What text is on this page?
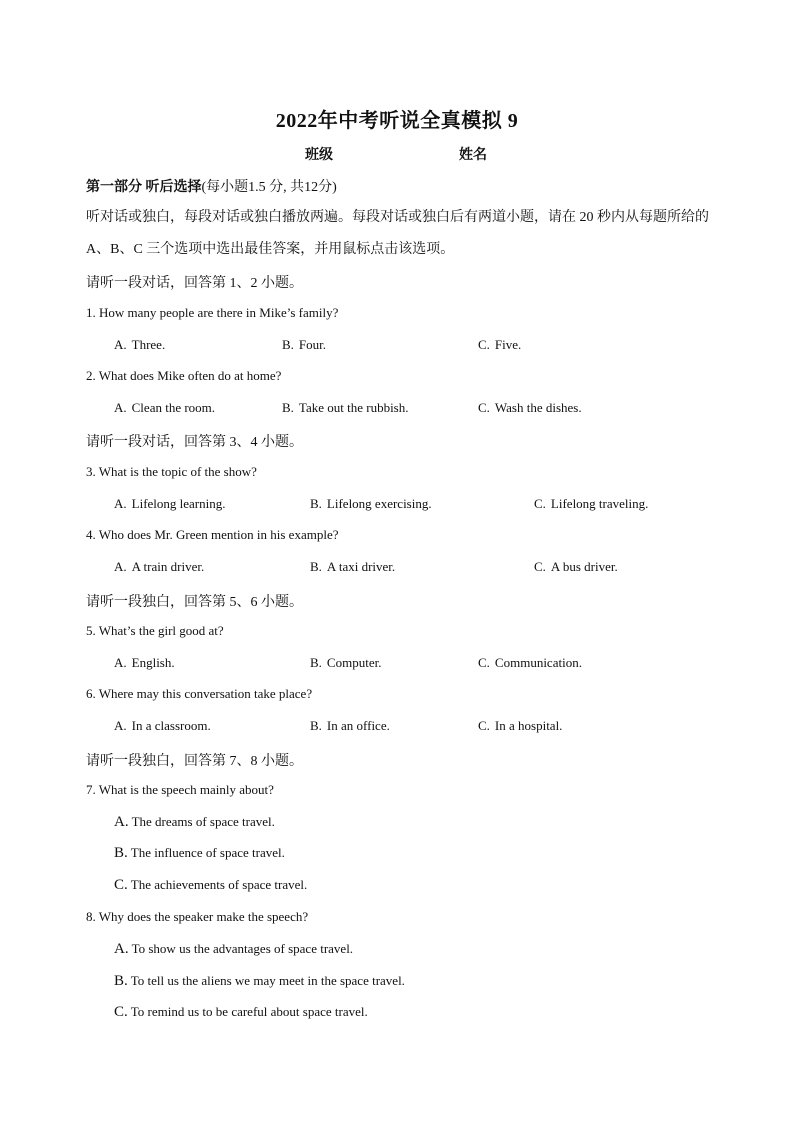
2022年中考听说全真模拟 9
班级	姓名
第一部分 听后选择(每小题1.5 分, 共12分)
听对话或独白，每段对话或独白播放两遍。每段对话或独白后有两道小题，请在 20 秒内从每题所给的
A、B、C 三个选项中选出最佳答案，并用鼠标点击该选项。
请听一段对话，回答第 1、2 小题。
1. How many people are there in Mike’s family?
A. Three.	B. Four.	C. Five.
2. What does Mike often do at home?
A. Clean the room.	B. Take out the rubbish.	C. Wash the dishes.
请听一段对话，回答第 3、4 小题。
3. What is the topic of the show?
A. Lifelong learning.	B. Lifelong exercising.	C. Lifelong traveling.
4. Who does Mr. Green mention in his example?
A. A train driver.	B. A taxi driver.	C. A bus driver.
请听一段独白，回答第 5、6 小题。
5. What’s the girl good at?
A. English.	B. Computer.	C. Communication.
6. Where may this conversation take place?
A. In a classroom.	B. In an office.	C. In a hospital.
请听一段独白，回答第 7、8 小题。
7. What is the speech mainly about?
A. The dreams of space travel.
B. The influence of space travel.
C. The achievements of space travel.
8. Why does the speaker make the speech?
A. To show us the advantages of space travel.
B. To tell us the aliens we may meet in the space travel.
C. To remind us to be careful about space travel.
